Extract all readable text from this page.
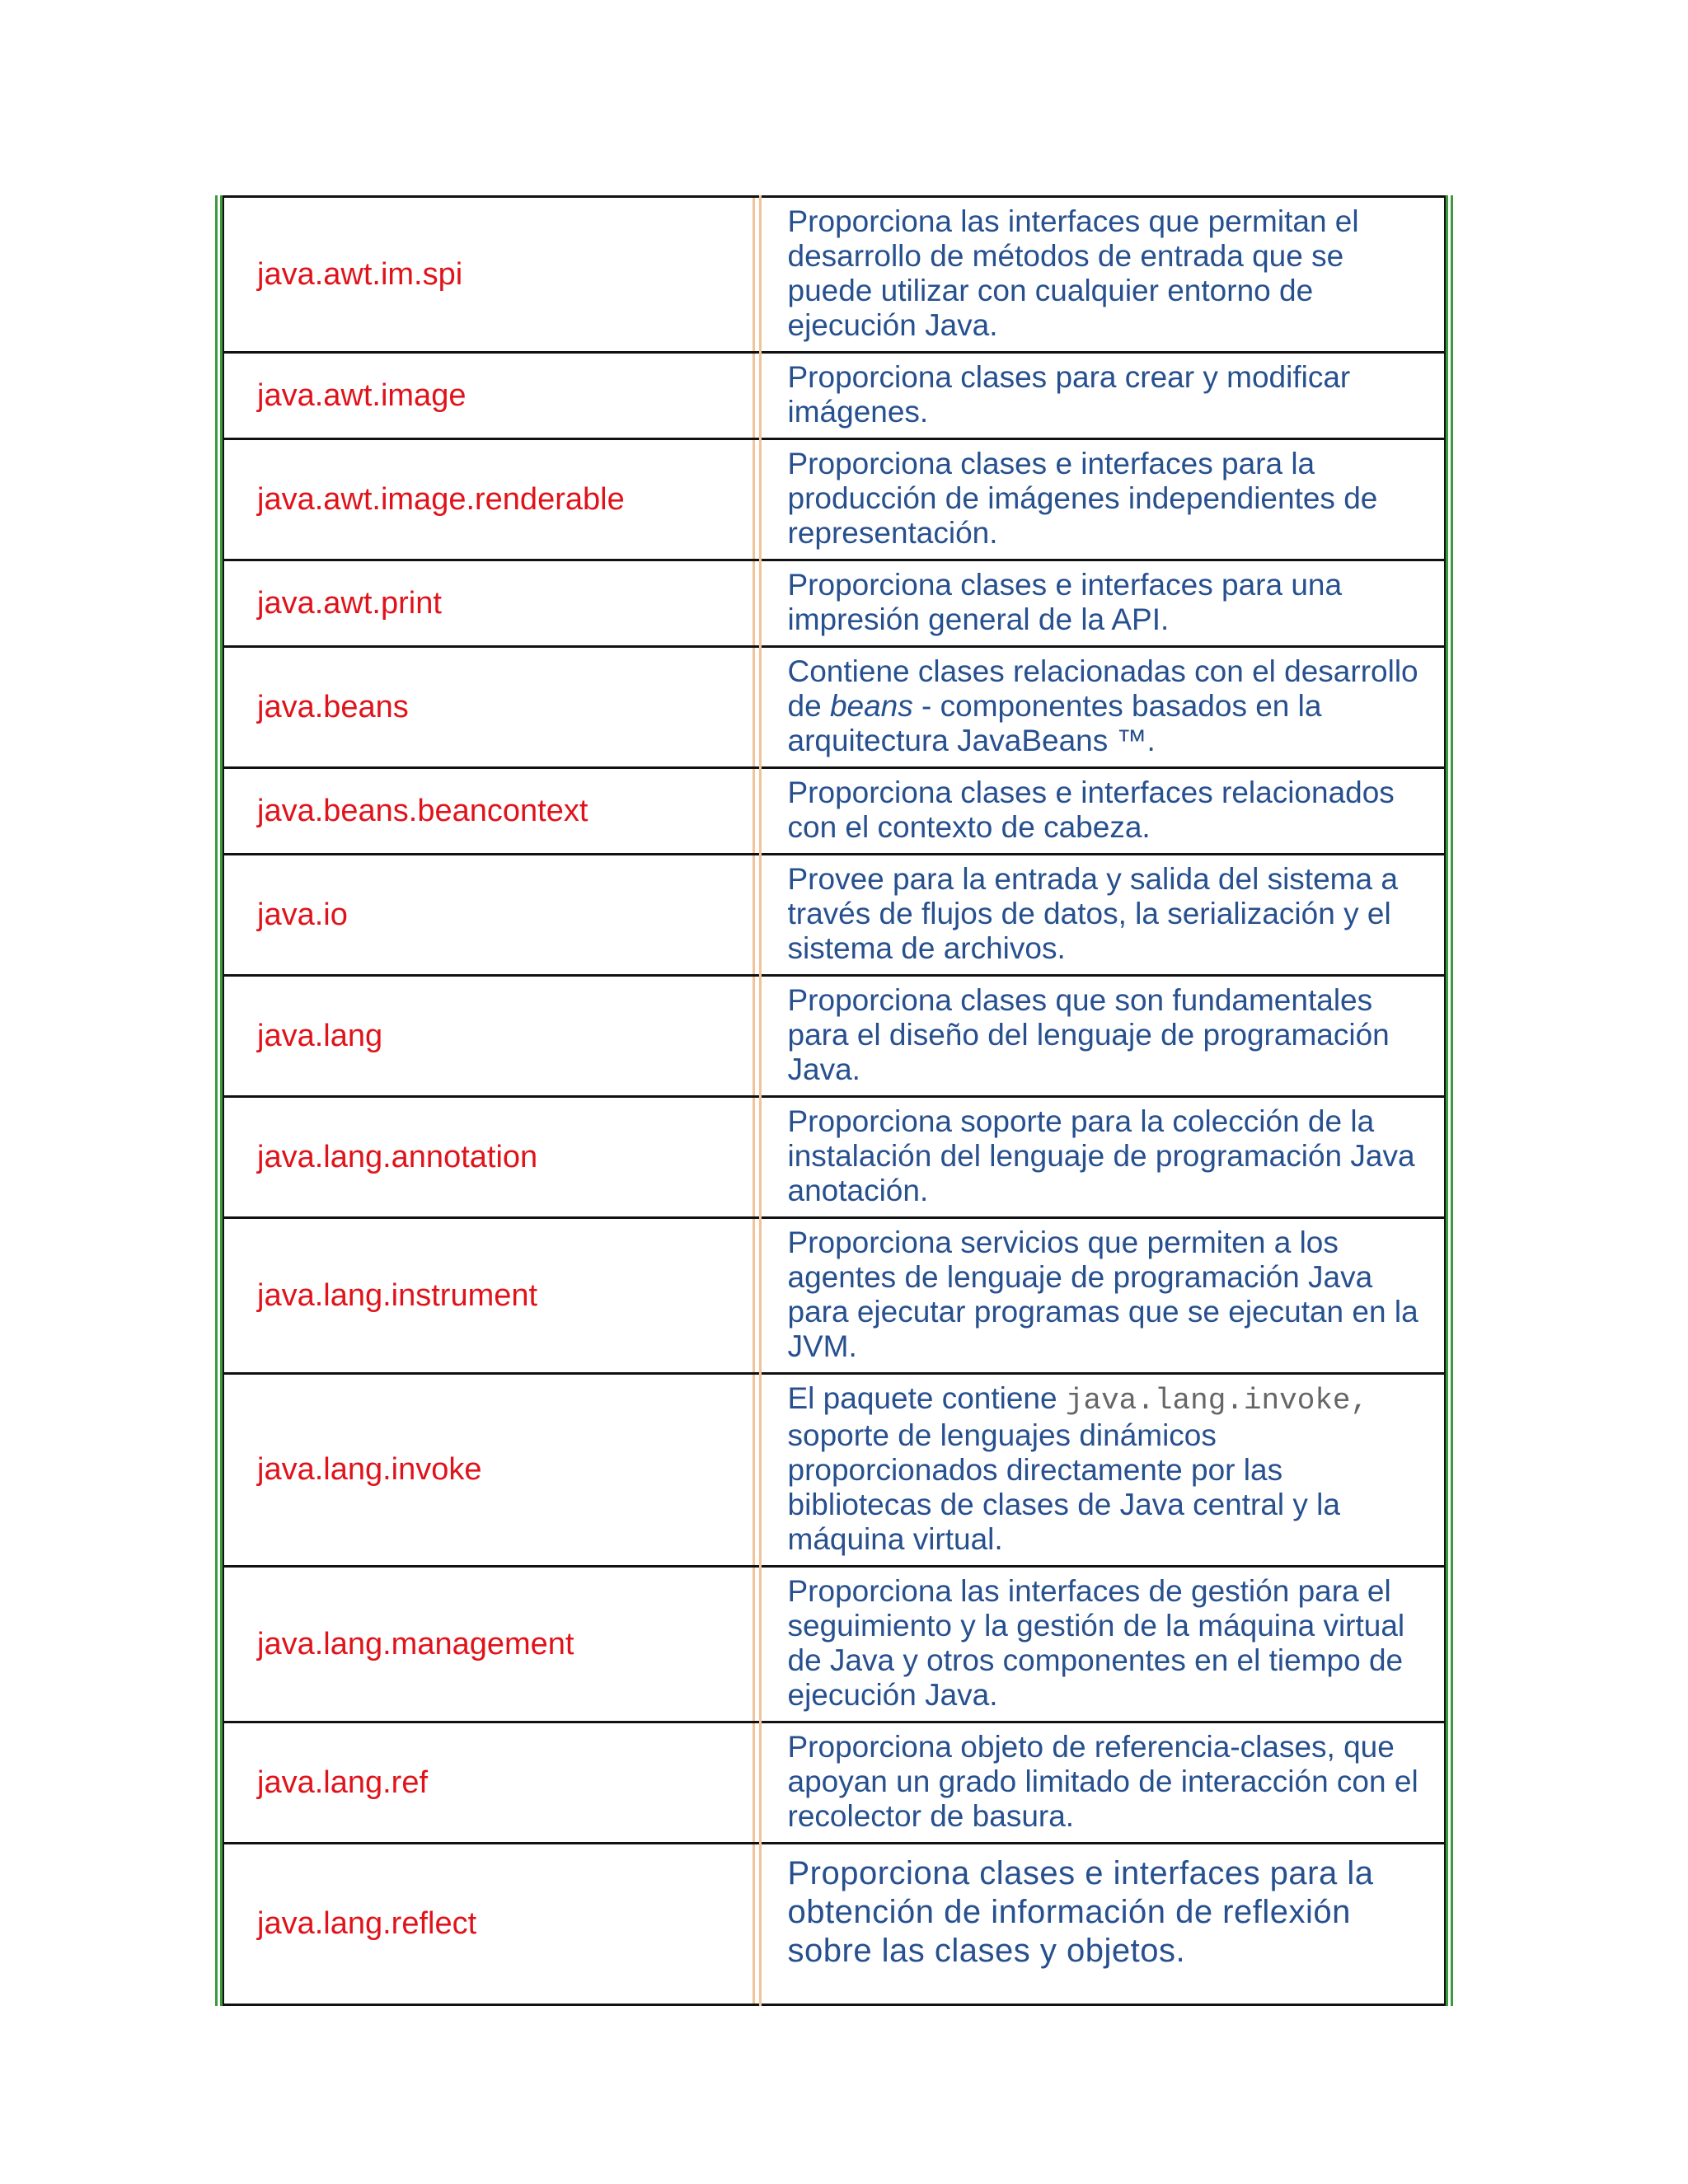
java.awt.im.spi	Proporciona las interfaces que permitan el desarrollo de métodos de entrada que se puede utilizar con cualquier entorno de ejecución Java.
java.awt.image	Proporciona clases para crear y modificar imágenes.
java.awt.image.renderable	Proporciona clases e interfaces para la producción de imágenes independientes de representación.
java.awt.print	Proporciona clases e interfaces para una impresión general de la API.
java.beans	Contiene clases relacionadas con el desarrollo de beans - componentes basados en la arquitectura JavaBeans ™.
java.beans.beancontext	Proporciona clases e interfaces relacionados con el contexto de cabeza.
java.io	Provee para la entrada y salida del sistema a través de flujos de datos, la serialización y el sistema de archivos.
java.lang	Proporciona clases que son fundamentales para el diseño del lenguaje de programación Java.
java.lang.annotation	Proporciona soporte para la colección de la instalación del lenguaje de programación Java anotación.
java.lang.instrument	Proporciona servicios que permiten a los agentes de lenguaje de programación Java para ejecutar programas que se ejecutan en la JVM.
java.lang.invoke	El paquete contiene java.lang.invoke, soporte de lenguajes dinámicos proporcionados directamente por las bibliotecas de clases de Java central y la máquina virtual.
java.lang.management	Proporciona las interfaces de gestión para el seguimiento y la gestión de la máquina virtual de Java y otros componentes en el tiempo de ejecución Java.
java.lang.ref	Proporciona objeto de referencia-clases, que apoyan un grado limitado de interacción con el recolector de basura.
java.lang.reflect	Proporciona clases e interfaces para la obtención de información de reflexión sobre las clases y objetos.
